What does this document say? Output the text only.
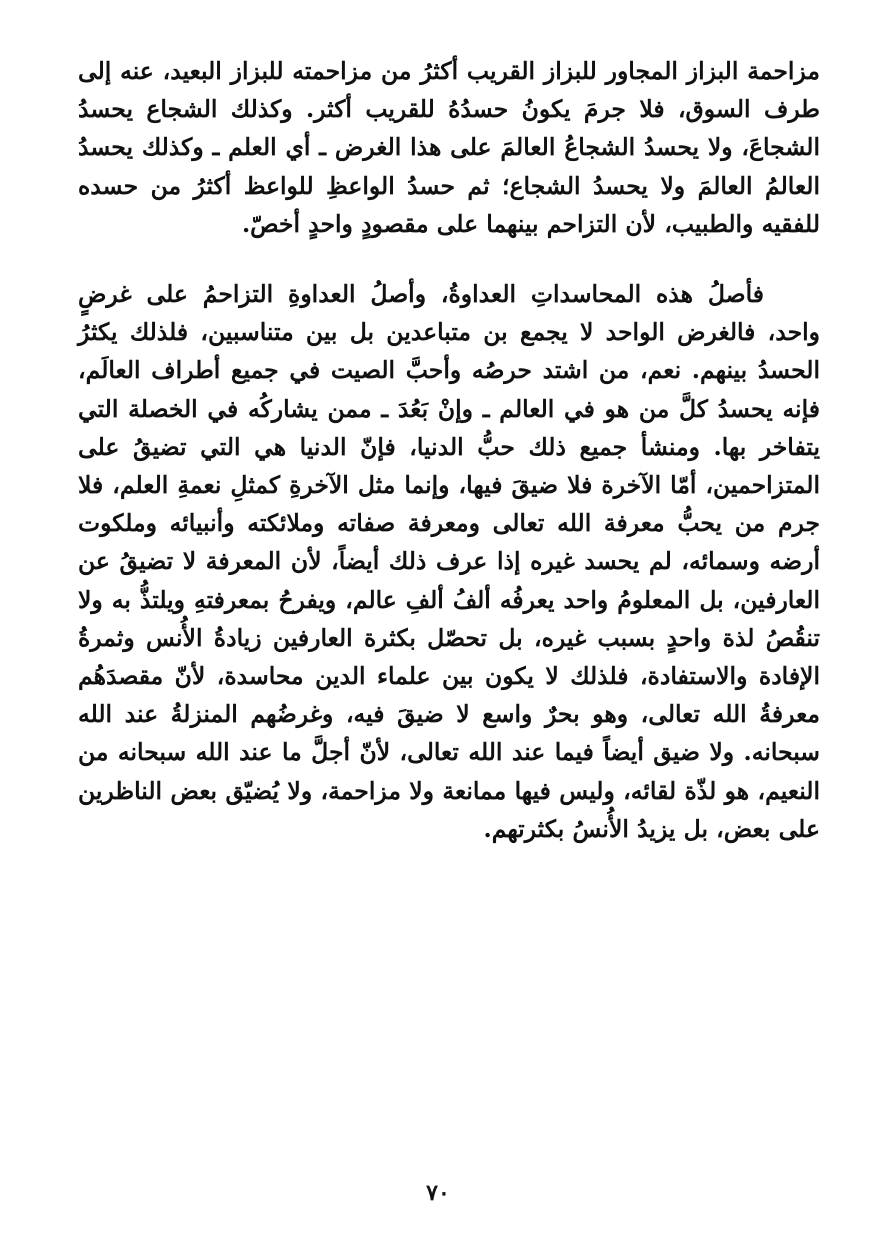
مزاحمة البزاز المجاور للبزاز القريب أكثرُ من مزاحمته للبزاز البعيد، عنه إلى طرف السوق، فلا جرمَ يكونُ حسدُهُ للقريب أكثر. وكذلك الشجاع يحسدُ الشجاعَ، ولا يحسدُ الشجاعُ العالمَ على هذا الغرض ـ أي العلم ـ وكذلك يحسدُ العالمُ العالمَ ولا يحسدُ الشجاع؛ ثم حسدُ الواعظِ للواعظ أكثرُ من حسده للفقيه والطبيب، لأن التزاحم بينهما على مقصودٍ واحدٍ أخصّ.

فأصلُ هذه المحاسداتِ العداوةُ، وأصلُ العداوةِ التزاحمُ على غرضٍ واحد، فالغرض الواحد لا يجمع بن متباعدين بل بين متناسبين، فلذلك يكثرُ الحسدُ بينهم. نعم، من اشتد حرصُه وأحبَّ الصيت في جميع أطراف العالَم، فإنه يحسدُ كلَّ من هو في العالم ـ وإنْ بَعُدَ ـ ممن يشاركُه في الخصلة التي يتفاخر بها. ومنشأ جميع ذلك حبُّ الدنيا، فإنّ الدنيا هي التي تضيقُ على المتزاحمين، أمّا الآخرة فلا ضيقَ فيها، وإنما مثل الآخرةِ كمثلِ نعمةِ العلم، فلا جرم من يحبُّ معرفة الله تعالى ومعرفة صفاته وملائكته وأنبيائه وملكوت أرضه وسمائه، لم يحسد غيره إذا عرف ذلك أيضاً، لأن المعرفة لا تضيقُ عن العارفين، بل المعلومُ واحد يعرفُه ألفُ ألفِ عالم، ويفرحُ بمعرفتهِ ويلتذُّ به ولا تنقُصُ لذة واحدٍ بسبب غيره، بل تحصّل بكثرة العارفين زيادةُ الأُنس وثمرةُ الإفادة والاستفادة، فلذلك لا يكون بين علماء الدين محاسدة، لأنّ مقصدَهُم معرفةُ الله تعالى، وهو بحرٌ واسع لا ضيقَ فيه، وغرضُهم المنزلةُ عند الله سبحانه. ولا ضيق أيضاً فيما عند الله تعالى، لأنّ أجلَّ ما عند الله سبحانه من النعيم، هو لذّة لقائه، وليس فيها ممانعة ولا مزاحمة، ولا يُضيّق بعض الناظرين على بعض، بل يزيدُ الأُنسُ بكثرتهم.

٧٠
